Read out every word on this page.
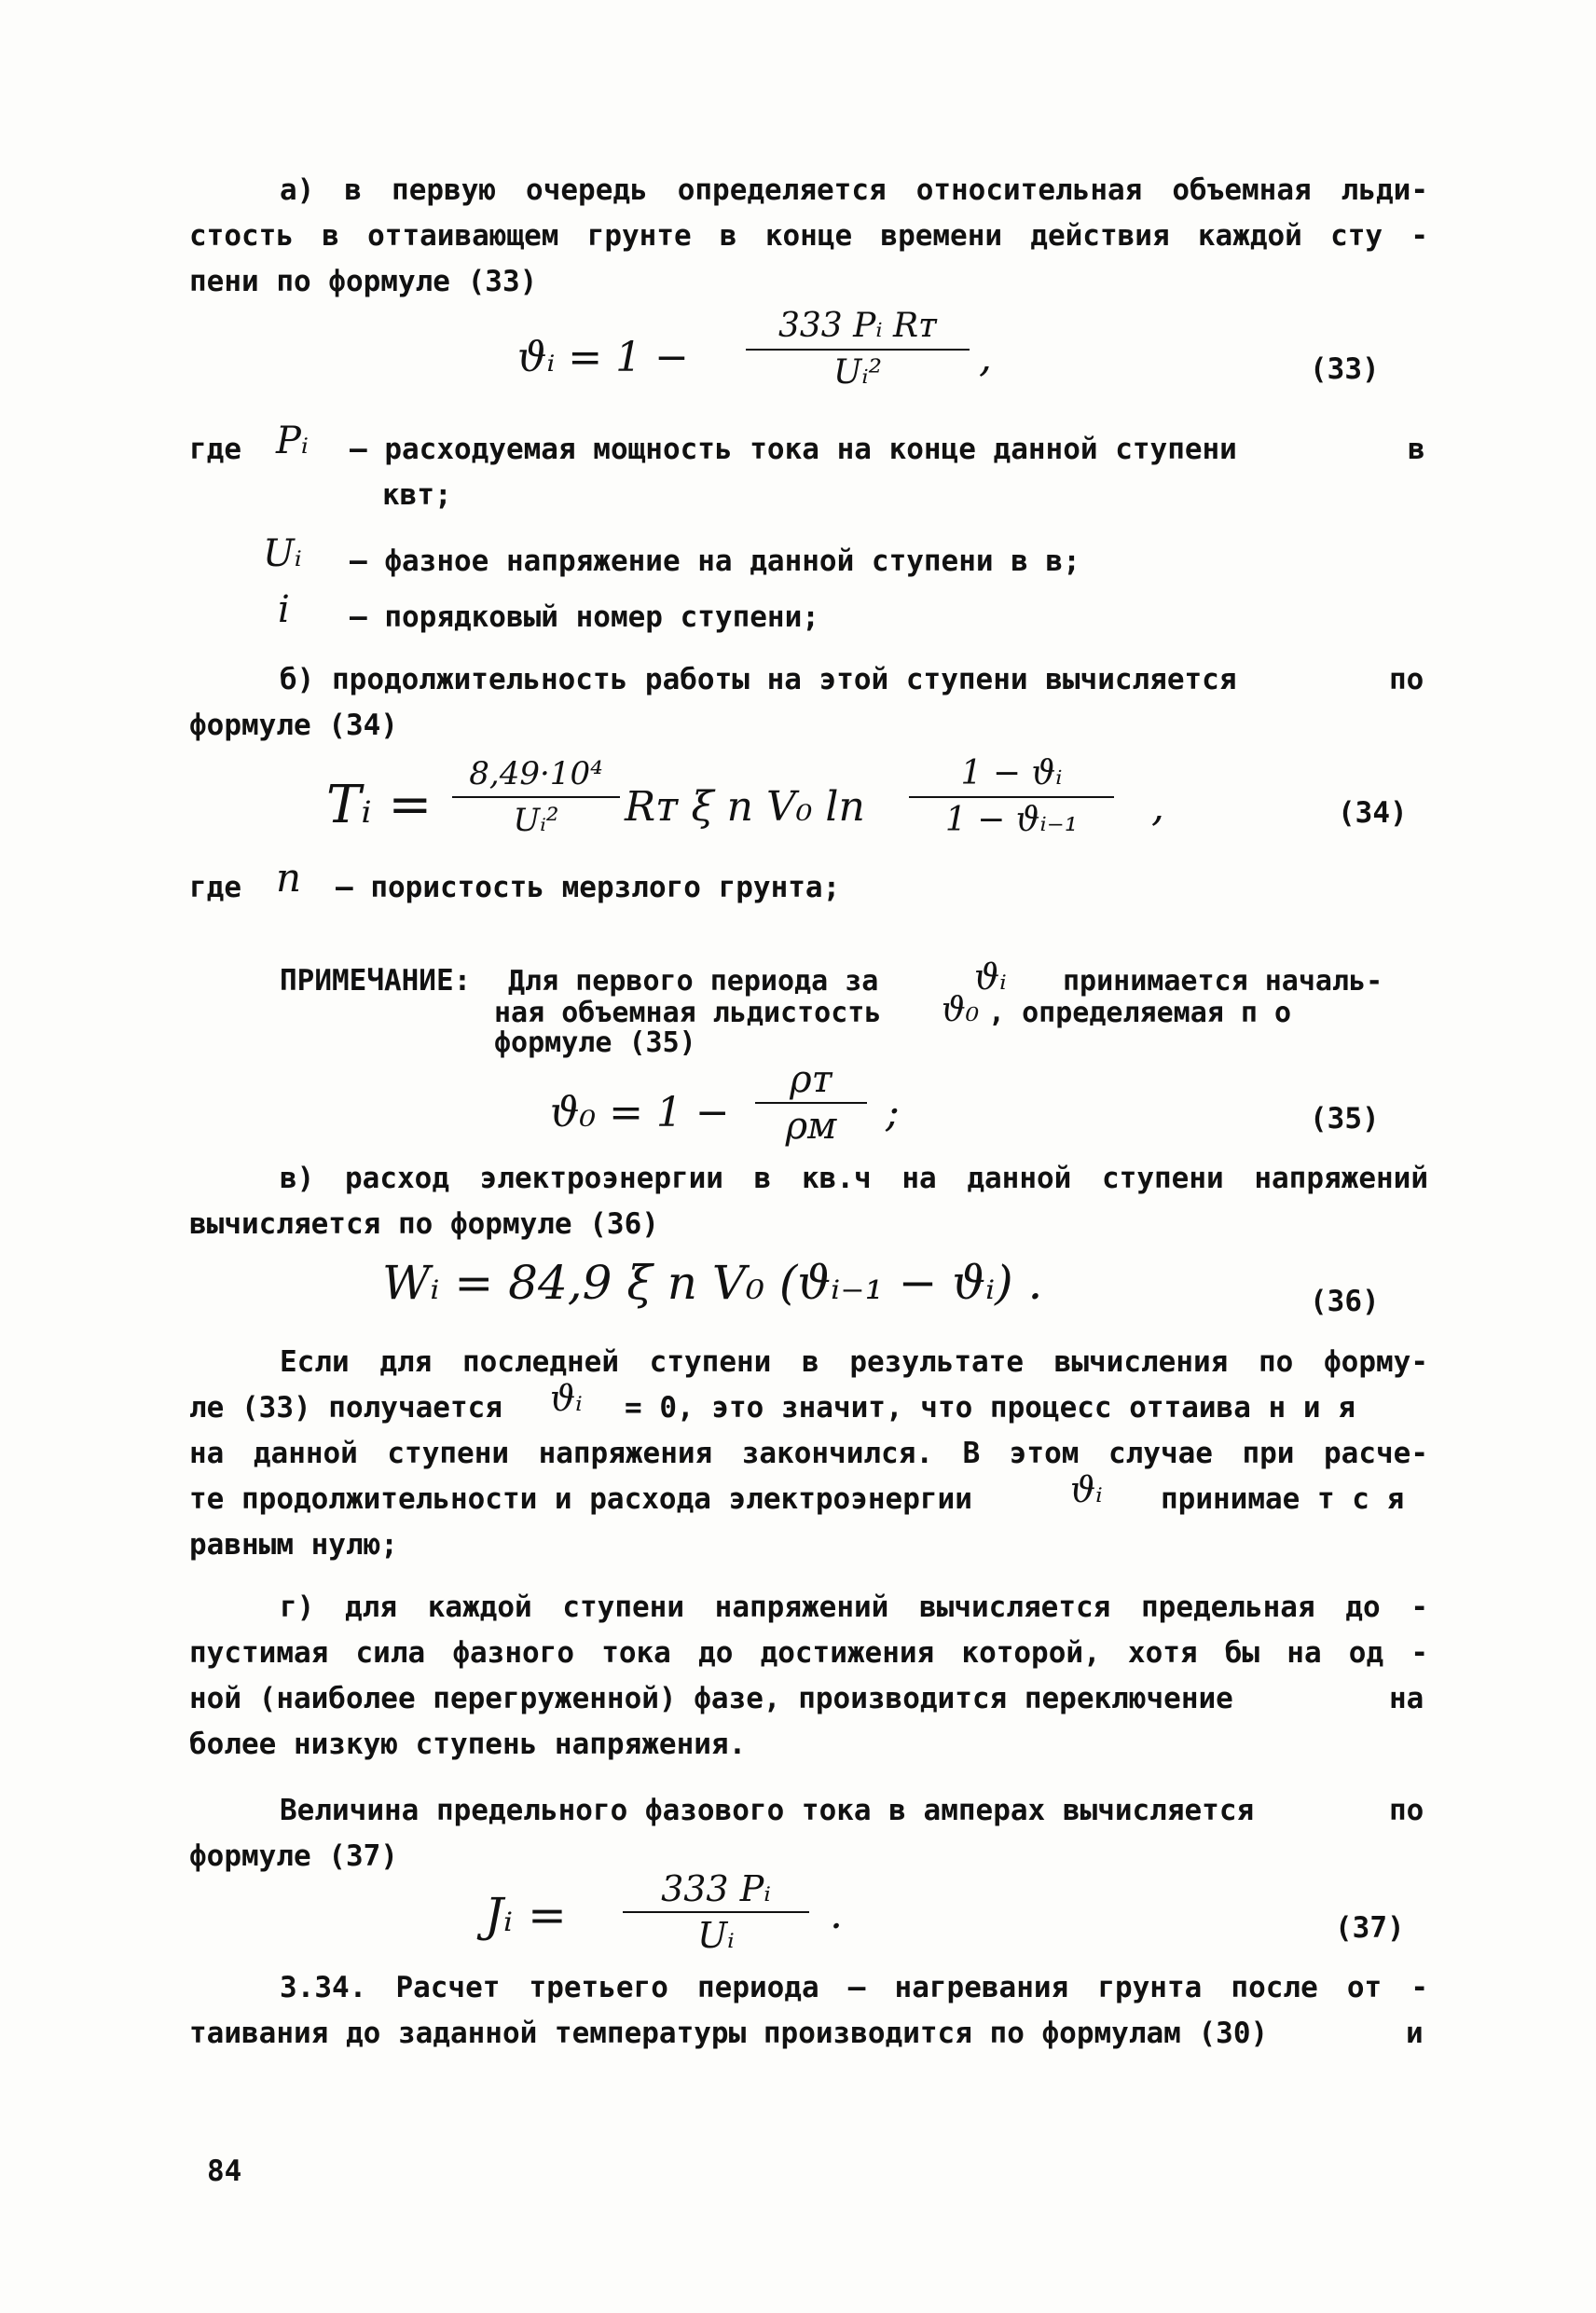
а) в первую очередь определяется относительная объемная льди-
стость в оттаивающем грунте в конце времени действия каждой сту -
пени по формуле (33)
𝜗ᵢ = $1 - \frac{\text{333 Pᵢ Rᴛ}}{\text{Uᵢ²}}$ ,	(33)
где Pᵢ – расходуемая мощность тока на конце данной ступени	в
квт;
Uᵢ – фазное напряжение на данной ступени в в;
i – порядковый номер ступени;
б) продолжительность работы на этой ступени вычисляется	по
формуле (34)
Tᵢ = $\frac{\text{8,49·10⁴}}{\text{Uᵢ²}}$ Rᴛ ξ n V₀ ln
1 − 𝜗ᵢ
1 − 𝜗ᵢ₋₁	,	(34)
где n – пористость мерзлого грунта;
ПРИМЕЧАНИЕ: Для первого периода за	𝜗ᵢ принимается началь-
ная объемная льдистость 𝜗₀ , определяемая п о
формуле (35)
𝜗₀ = $1 - \frac{\text{ρᴛ}}{\text{ρᴍ}}$ ;	(35)
в) расход электроэнергии в кв.ч на данной ступени напряжений
вычисляется по формуле (36)
Wᵢ = 84,9 ξ n V₀ (𝜗ᵢ₋₁ − 𝜗ᵢ) .	(36)
Если для последней ступени в результате вычисления по форму-
ле (33) получается 𝜗ᵢ = 0, это значит, что процесс оттаива н и я
на данной ступени напряжения закончился. В этом случае при расче-
те продолжительности и расхода электроэнергии	𝜗ᵢ принимае т с я
равным нулю;
г) для каждой ступени напряжений вычисляется предельная до -
пустимая сила фазного тока до достижения которой, хотя бы на од -
ной (наиболее перегруженной) фазе, производится переключение	на
более низкую ступень напряжения.
Величина предельного фазового тока в амперах вычисляется	по
формуле (37)
Jᵢ = $\frac{\text{333 Pᵢ}}{\text{Uᵢ}}$ .	(37)
3.34. Расчет третьего периода – нагревания грунта после от -
таивания до заданной температуры производится по формулам (30)	и
84
